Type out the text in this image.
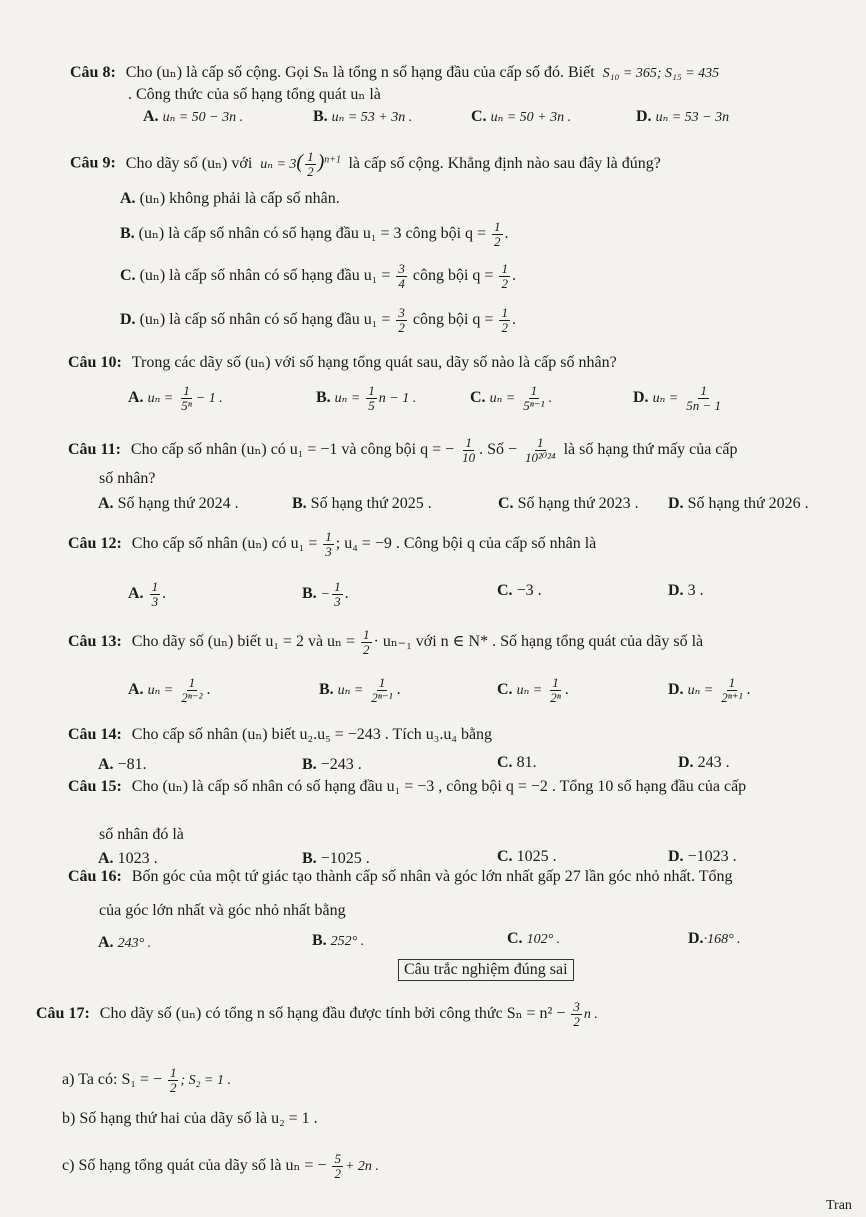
Câu 8: Cho (uₙ) là cấp số cộng. Gọi Sₙ là tổng n số hạng đầu của cấp số đó. Biết S₁₀ = 365; S₁₅ = 435
. Công thức của số hạng tổng quát uₙ là
A. uₙ = 50 − 3n .	B. uₙ = 53 + 3n .	C. uₙ = 50 + 3n .	D. uₙ = 53 − 3n
Câu 9: Cho dãy số (uₙ) với $u_n = 3( \frac{1}{2} )^{n+1}$ là cấp số cộng. Khẳng định nào sau đây là đúng?
A. (uₙ) không phải là cấp số nhân.
B. (uₙ) là cấp số nhân có số hạng đầu u₁ = 3 công bội $q = \frac{1}{2}$ .
C. (uₙ) là cấp số nhân có số hạng đầu $u_1 = \frac{3}{4}$ công bội $q = \frac{1}{2}$ .
D. (uₙ) là cấp số nhân có số hạng đầu $u_1 = \frac{3}{2}$ công bội $q = \frac{1}{2}$ .
Câu 10: Trong các dãy số (uₙ) với số hạng tổng quát sau, dãy số nào là cấp số nhân?
A. $u_n = \frac{1}{\text{5ⁿ}} - 1$ .	B. $u_n = \frac{1}{5}$ n − 1 .	C. $u_n = \frac{1}{\text{5ⁿ⁻¹}}$ .	D. $u_n = \frac{1}{5n - 1}$
Câu 11: Cho cấp số nhân (uₙ) có u₁ = −1 và công bội q = − $\frac{1}{10}$ . Số − $\frac{1}{\text{10²⁰²⁴}}$ là số hạng thứ mấy của cấp
số nhân?
A. Số hạng thứ 2024 .	B. Số hạng thứ 2025 .	C. Số hạng thứ 2023 . D. Số hạng thứ 2026 .
Câu 12: Cho cấp số nhân (uₙ) có $u_1 = \frac{1}{3}$ ; u₄ = −9 . Công bội q của cấp số nhân là
A. $\frac{1}{3}$ .	B. − $\frac{1}{3}$ .	C. −3 .	D. 3 .
Câu 13: Cho dãy số (uₙ) biết u₁ = 2 và $u_n = \frac{1}{2} \cdot u_{n-1}$ với n ∈ N* . Số hạng tổng quát của dãy số là
A. $u_n = \frac{1}{\text{2ⁿ⁻²}}$ .	B. $u_n = \frac{1}{\text{2ⁿ⁻¹}}$ .	C. $u_n = \frac{1}{\text{2ⁿ}}$ .	D. $u_n = \frac{1}{\text{2ⁿ⁺¹}}$ .
Câu 14: Cho cấp số nhân (uₙ) biết u₂.u₅ = −243 . Tích u₃.u₄ bằng
A. −81.	B. −243 .	C. 81.	D. 243 .
Câu 15: Cho (uₙ) là cấp số nhân có số hạng đầu u₁ = −3 , công bội q = −2 . Tổng 10 số hạng đầu của cấp
số nhân đó là
A. 1023 .	B. −1025 .	C. 1025 .	D. −1023 .
Câu 16: Bốn góc của một tứ giác tạo thành cấp số nhân và góc lớn nhất gấp 27 lần góc nhỏ nhất. Tổng
của góc lớn nhất và góc nhỏ nhất bằng
A. 243° .	B. 252° .	C. 102° .	D.·168° .
Câu trắc nghiệm đúng sai
Câu 17: Cho dãy số (uₙ) có tổng n số hạng đầu được tính bởi công thức $S_n = n^2 - \frac{3}{2}$ n .
a) Ta có: S₁ = − $\frac{1}{2}$ ; S₂ = 1 .
b) Số hạng thứ hai của dãy số là u₂ = 1 .
c) Số hạng tổng quát của dãy số là uₙ = − $\frac{5}{2} + 2n$ .
Tran
